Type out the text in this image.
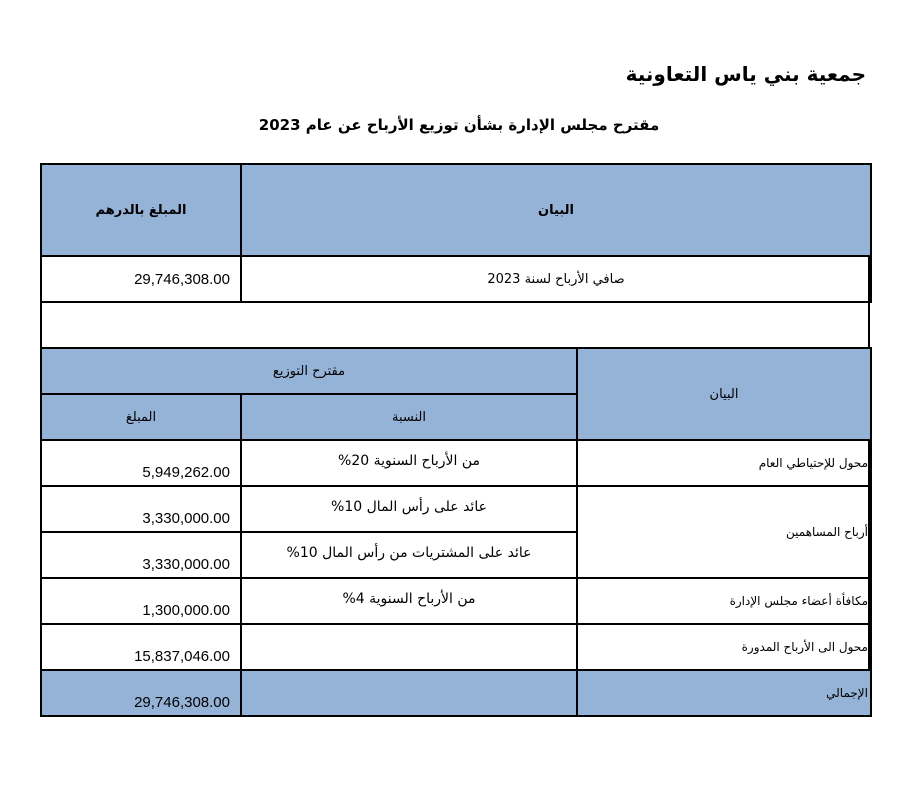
جمعية بني ياس التعاونية
مقترح مجلس الإدارة بشأن توزيع الأرباح عن عام 2023
البيان	المبلغ بالدرهم
صافي الأرباح لسنة 2023	29,746,308.00
البيان	مقترح التوزيع	
	النسبة	المبلغ
محول للإحتياطي العام	من الأرباح السنوية 20%	5,949,262.00
أرباح المساهمين	عائد على رأس المال 10%	3,330,000.00
	عائد على المشتريات من رأس المال 10%	3,330,000.00
مكافأة أعضاء مجلس الإدارة	من الأرباح السنوية 4%	1,300,000.00
محول الى الأرباح المدورة		15,837,046.00
الإجمالي		29,746,308.00
